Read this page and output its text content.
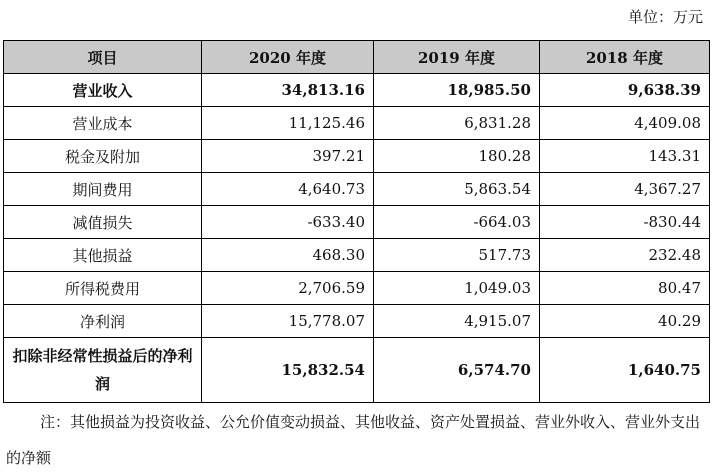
单位：万元
项目	2020 年度	2019 年度	2018 年度
营业收入	34,813.16	18,985.50	9,638.39
营业成本	11,125.46	6,831.28	4,409.08
税金及附加	397.21	180.28	143.31
期间费用	4,640.73	5,863.54	4,367.27
减值损失	-633.40	-664.03	-830.44
其他损益	468.30	517.73	232.48
所得税费用	2,706.59	1,049.03	80.47
净利润	15,778.07	4,915.07	40.29
扣除非经常性损益后的净利润	15,832.54	6,574.70	1,640.75
注：其他损益为投资收益、公允价值变动损益、其他收益、资产处置损益、营业外收入、营业外支出的净额
